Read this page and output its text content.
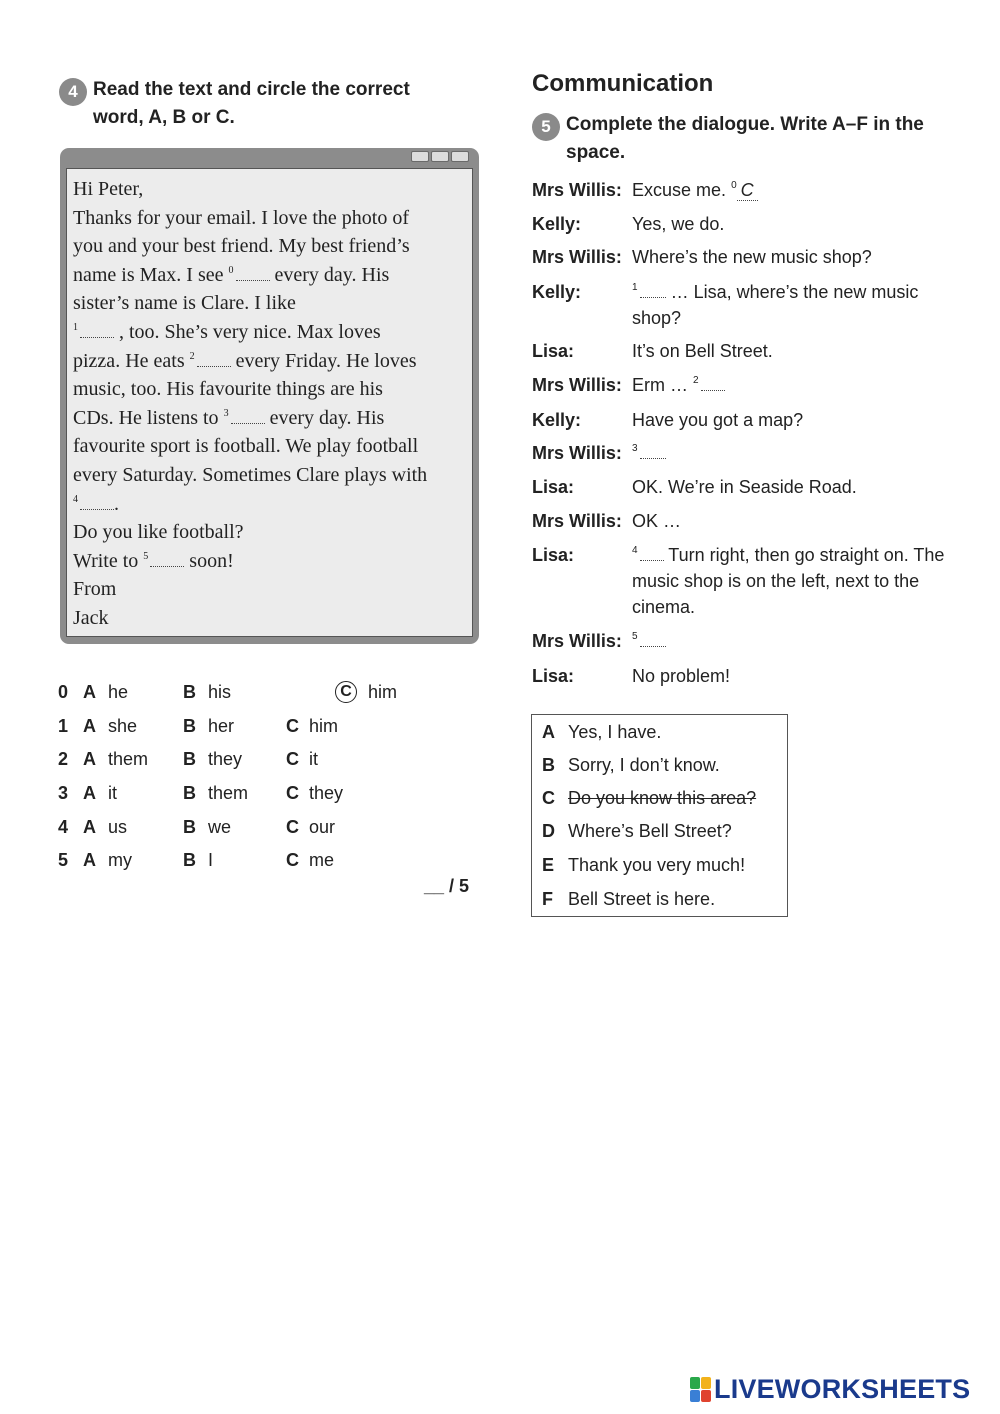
4 Read the text and circle the correct
word, A, B or C.

Hi Peter,

Thanks for your email. I love the photo of

you and your best friend. My best friend’s

name is Max. I see $^0$ every day. His

sister’s name is Clare. I like

$^1$ , too. She’s very nice. Max loves

pizza. He eats $^2$ every Friday. He loves

music, too. His favourite things are his

CDs. He listens to $^3$ every day. His

favourite sport is football. We play football

every Saturday. Sometimes Clare plays with

$^4$ .

Do you like football?

Write to $^5$ soon!

From

Jack

0 A he	B his	C him
1 A she	B her	C him
2 A them B they C it
3 A it	B them C they
4 A us	B we	C our
5 A my	B I	C me
__ / 5
Communication
5 Complete the dialogue. Write A–F in the
space.
Mrs Willis: Excuse me. $^0$ C
Kelly:	Yes, we do.
Mrs Willis: Where’s the new music shop?
Kelly:	$^1$ … Lisa, where’s the new music shop?
Lisa:	It’s on Bell Street.
Mrs Willis: Erm … $^2$
Kelly:	Have you got a map?
Mrs Willis: $^3$
Lisa:	OK. We’re in Seaside Road.
Mrs Willis: OK …
Lisa:	$^4$ Turn right, then go straight on. The music shop is on the left, next to the cinema.
Mrs Willis: $^5$
Lisa:	No problem!
A Yes, I have.
B Sorry, I don’t know.
C Do you know this area?
D Where’s Bell Street?
E Thank you very much!
F Bell Street is here.
LIVEWORKSHEETS
